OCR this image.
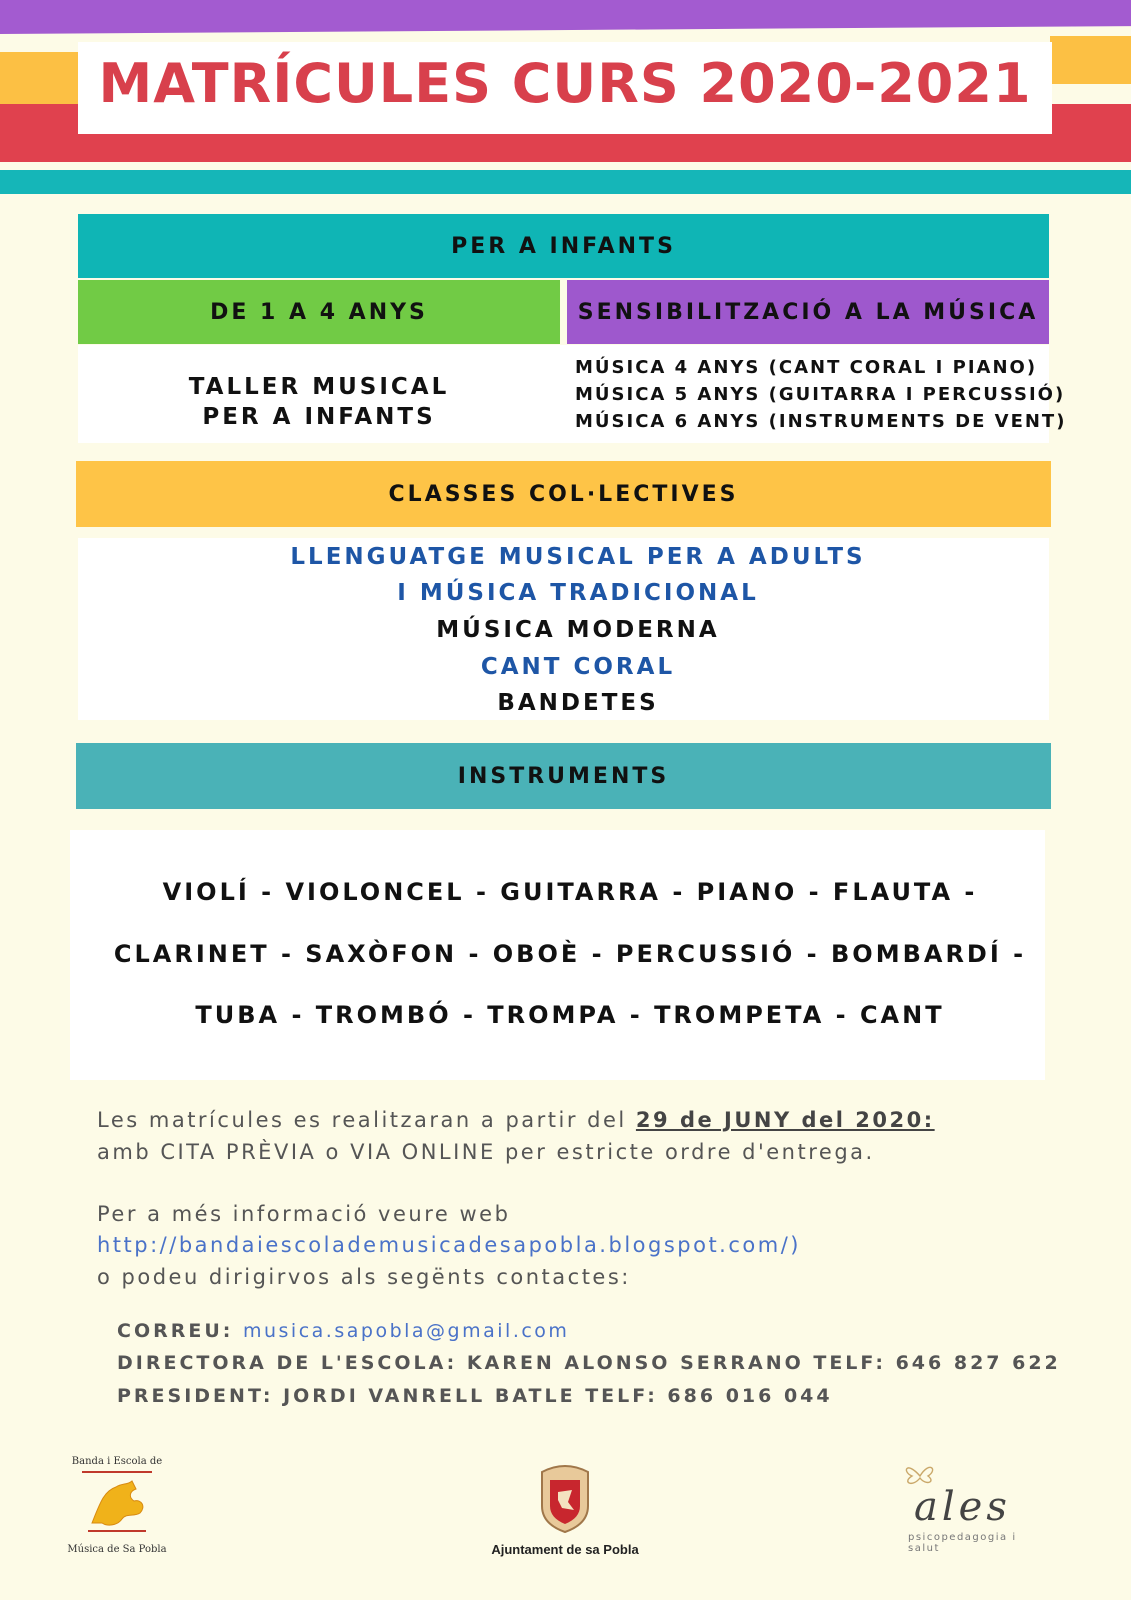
MATRÍCULES CURS 2020-2021
PER A INFANTS
DE 1 A 4 ANYS	SENSIBILITZACIÓ A LA MÚSICA
TALLER MUSICAL
PER A INFANTS
MÚSICA 4 ANYS (CANT CORAL I PIANO)
MÚSICA 5 ANYS (GUITARRA I PERCUSSIÓ)
MÚSICA 6 ANYS (INSTRUMENTS DE VENT)
CLASSES COL·LECTIVES
LLENGUATGE MUSICAL PER A ADULTS
I MÚSICA TRADICIONAL
MÚSICA MODERNA
CANT CORAL
BANDETES
INSTRUMENTS
VIOLÍ - VIOLONCEL - GUITARRA - PIANO - FLAUTA -
CLARINET - SAXÒFON - OBOÈ - PERCUSSIÓ - BOMBARDÍ -
TUBA - TROMBÓ - TROMPA - TROMPETA - CANT
Les matrícules es realitzaran a partir del 29 de JUNY del 2020:
amb CITA PRÈVIA o VIA ONLINE per estricte ordre d'entrega.
Per a més informació veure web
http://bandaiescolademusicadesapobla.blogspot.com/)
o podeu dirigirvos als segënts contactes:
CORREU: musica.sapobla@gmail.com
DIRECTORA DE L'ESCOLA: KAREN ALONSO SERRANO TELF: 646 827 622
PRESIDENT: JORDI VANRELL BATLE TELF: 686 016 044
Banda i Escola de
Música de Sa Pobla	Ajuntament de sa Pobla
ales
psicopedagogia i salut
